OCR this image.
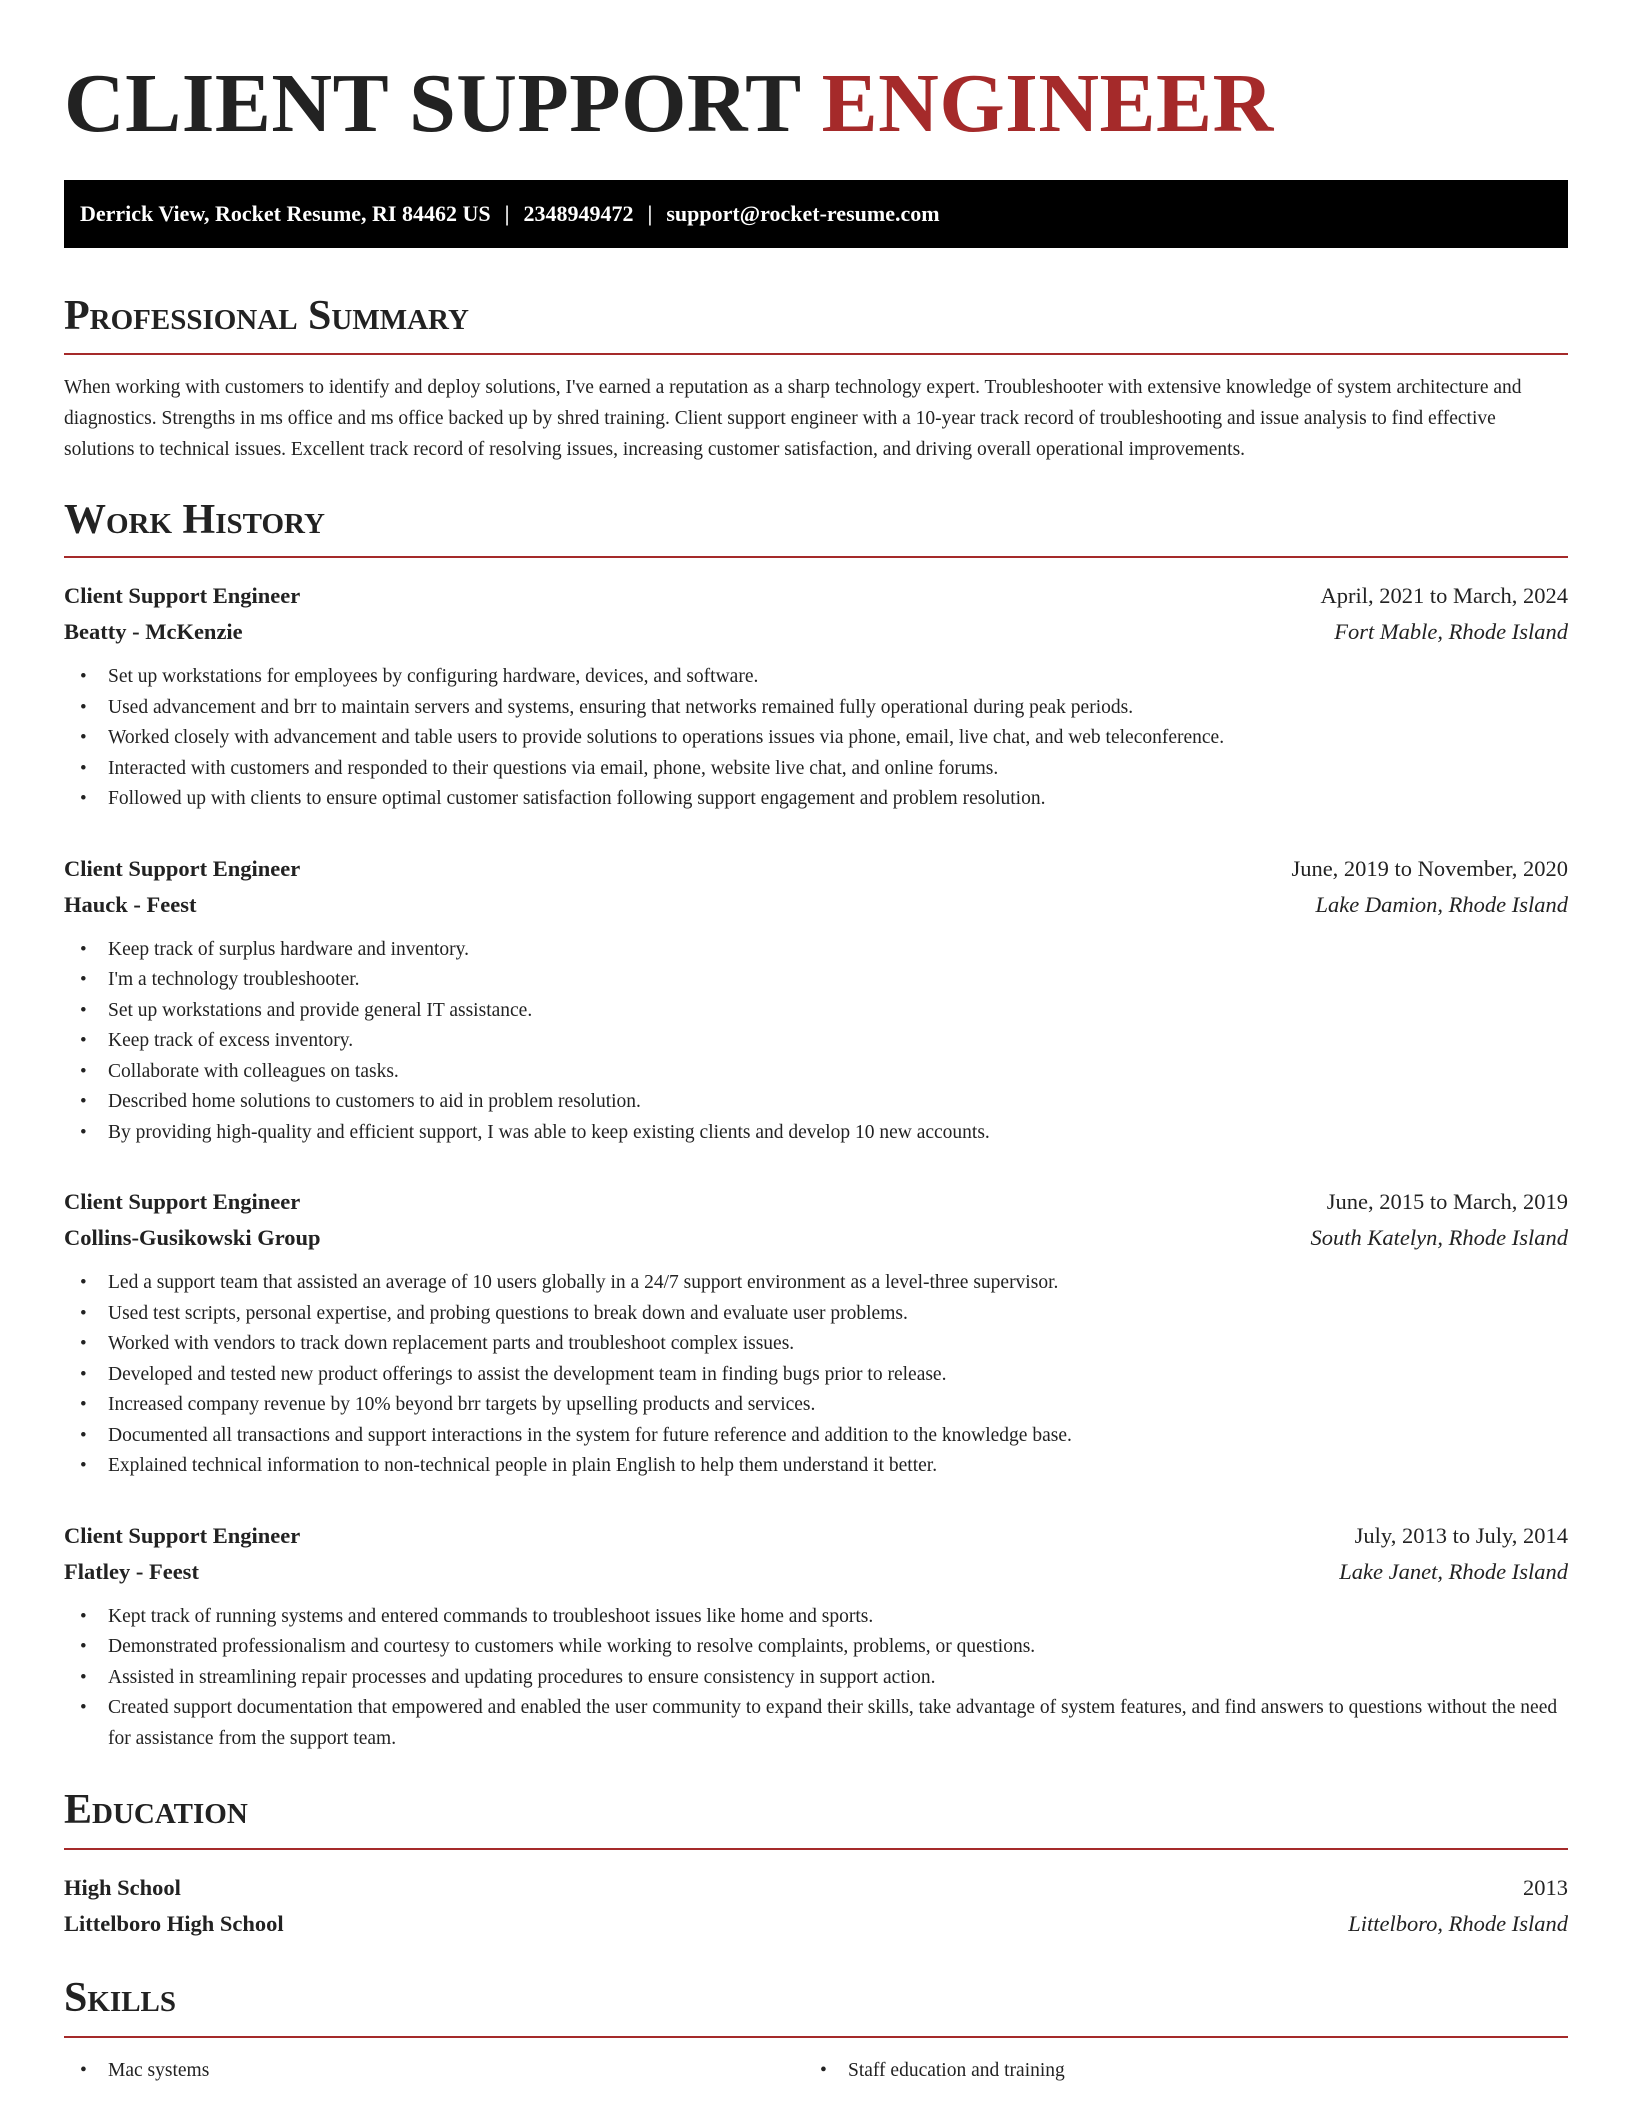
CLIENT SUPPORT ENGINEER
Derrick View, Rocket Resume, RI 84462 US | 2348949472 | support@rocket-resume.com
Professional Summary

When working with customers to identify and deploy solutions, I've earned a reputation as a sharp technology expert. Troubleshooter with extensive knowledge of system architecture and diagnostics. Strengths in ms office and ms office backed up by shred training. Client support engineer with a 10-year track record of troubleshooting and issue analysis to find effective solutions to technical issues. Excellent track record of resolving issues, increasing customer satisfaction, and driving overall operational improvements.

Work History
Client Support Engineer	April, 2021 to March, 2024
Beatty - McKenzie	Fort Mable, Rhode Island
• Set up workstations for employees by configuring hardware, devices, and software.
• Used advancement and brr to maintain servers and systems, ensuring that networks remained fully operational during peak periods.
• Worked closely with advancement and table users to provide solutions to operations issues via phone, email, live chat, and web teleconference.
• Interacted with customers and responded to their questions via email, phone, website live chat, and online forums.
• Followed up with clients to ensure optimal customer satisfaction following support engagement and problem resolution.
Client Support Engineer	June, 2019 to November, 2020
Hauck - Feest	Lake Damion, Rhode Island
• Keep track of surplus hardware and inventory.
• I'm a technology troubleshooter.
• Set up workstations and provide general IT assistance.
• Keep track of excess inventory.
• Collaborate with colleagues on tasks.
• Described home solutions to customers to aid in problem resolution.
• By providing high-quality and efficient support, I was able to keep existing clients and develop 10 new accounts.
Client Support Engineer	June, 2015 to March, 2019
Collins-Gusikowski Group	South Katelyn, Rhode Island
• Led a support team that assisted an average of 10 users globally in a 24/7 support environment as a level-three supervisor.
• Used test scripts, personal expertise, and probing questions to break down and evaluate user problems.
• Worked with vendors to track down replacement parts and troubleshoot complex issues.
• Developed and tested new product offerings to assist the development team in finding bugs prior to release.
• Increased company revenue by 10% beyond brr targets by upselling products and services.
• Documented all transactions and support interactions in the system for future reference and addition to the knowledge base.
• Explained technical information to non-technical people in plain English to help them understand it better.
Client Support Engineer	July, 2013 to July, 2014
Flatley - Feest	Lake Janet, Rhode Island
• Kept track of running systems and entered commands to troubleshoot issues like home and sports.
• Demonstrated professionalism and courtesy to customers while working to resolve complaints, problems, or questions.
• Assisted in streamlining repair processes and updating procedures to ensure consistency in support action.
• Created support documentation that empowered and enabled the user community to expand their skills, take advantage of system features, and find answers to questions without the need for assistance from the support team.
Education
High School	2013
Littelboro High School	Littelboro, Rhode Island
Skills
• Mac systems
•	Staff education and training
